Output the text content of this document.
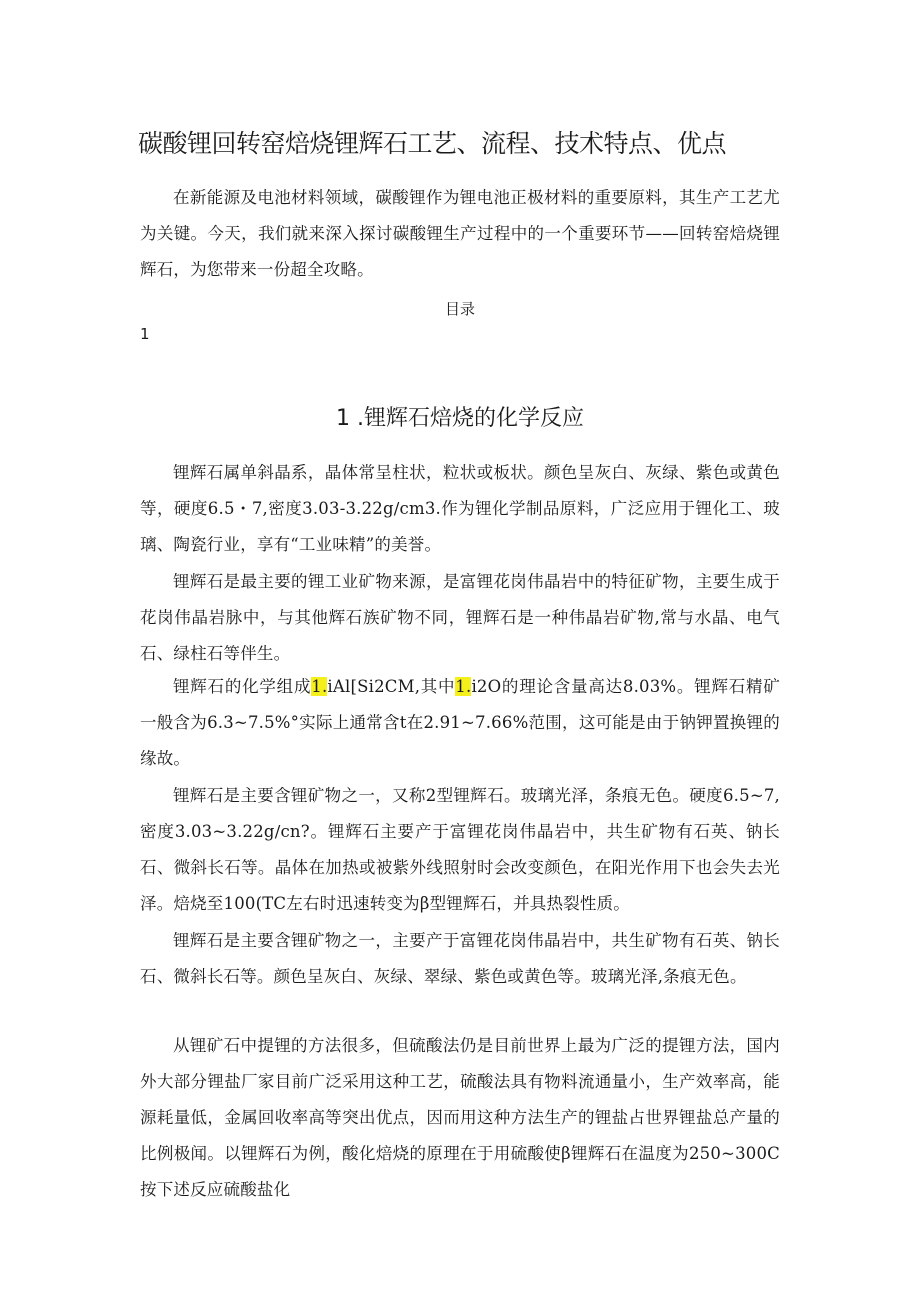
碳酸锂回转窑焙烧锂辉石工艺、流程、技术特点、优点
在新能源及电池材料领域，碳酸锂作为锂电池正极材料的重要原料，其生产工艺尤为关键。今天，我们就来深入探讨碳酸锂生产过程中的一个重要环节——回转窑焙烧锂辉石，为您带来一份超全攻略。
目录
1
1 .锂辉石焙烧的化学反应
锂辉石属单斜晶系，晶体常呈柱状，粒状或板状。颜色呈灰白、灰绿、紫色或黄色等，硬度6.5・7,密度3.03-3.22g∕cm3.作为锂化学制品原料，广泛应用于锂化工、玻璃、陶瓷行业，享有“工业味精”的美誉。
锂辉石是最主要的锂工业矿物来源，是富锂花岗伟晶岩中的特征矿物，主要生成于花岗伟晶岩脉中，与其他辉石族矿物不同，锂辉石是一种伟晶岩矿物,常与水晶、电气石、绿柱石等伴生。
锂辉石的化学组成1.iAl[Si2CM,其中1.i2O的理论含量高达8.03%。锂辉石精矿一般含为6.3~7.5%°实际上通常含t在2.91~7.66%范围，这可能是由于钠钾置换锂的缘故。
锂辉石是主要含锂矿物之一，又称2型锂辉石。玻璃光泽，条痕无色。硬度6.5~7,密度3.03~3.22g∕cn?。锂辉石主要产于富锂花岗伟晶岩中，共生矿物有石英、钠长石、微斜长石等。晶体在加热或被紫外线照射时会改变颜色，在阳光作用下也会失去光泽。焙烧至100(TC左右时迅速转变为β型锂辉石，并具热裂性质。
锂辉石是主要含锂矿物之一，主要产于富锂花岗伟晶岩中，共生矿物有石英、钠长石、微斜长石等。颜色呈灰白、灰绿、翠绿、紫色或黄色等。玻璃光泽,条痕无色。
从锂矿石中提锂的方法很多，但硫酸法仍是目前世界上最为广泛的提锂方法，国内外大部分锂盐厂家目前广泛采用这种工艺，硫酸法具有物料流通量小，生产效率高，能源耗量低，金属回收率高等突出优点，因而用这种方法生产的锂盐占世界锂盐总产量的比例极闻。以锂辉石为例，酸化焙烧的原理在于用硫酸使β锂辉石在温度为250~300C按下述反应硫酸盐化
